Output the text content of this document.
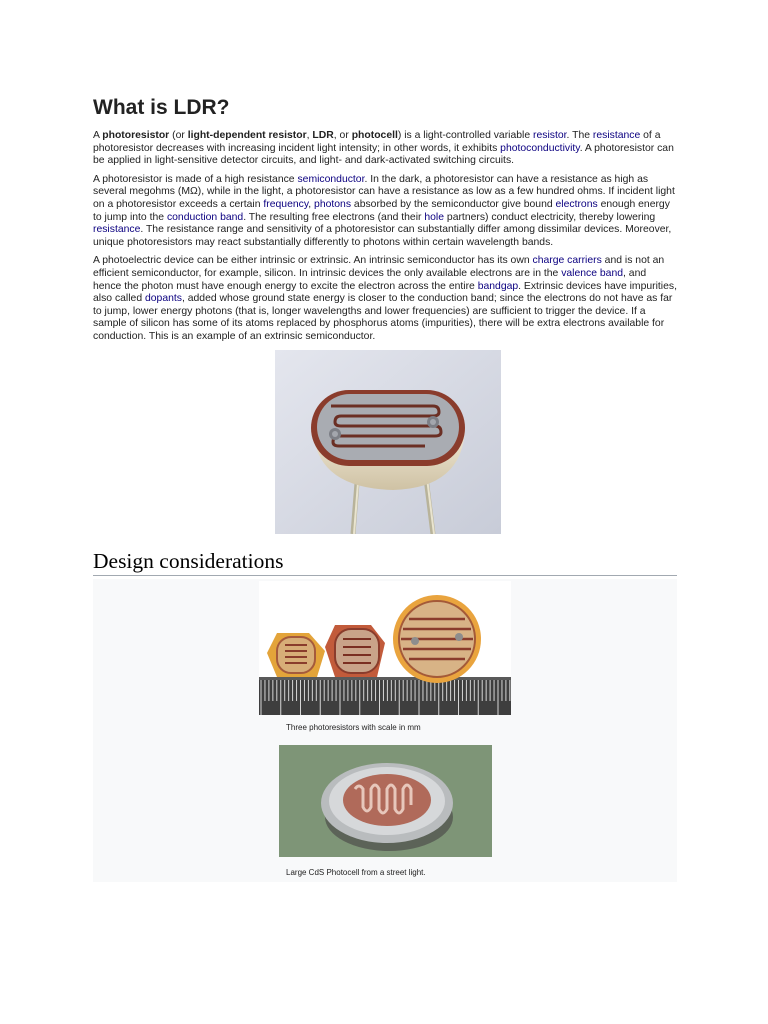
What is LDR?

A photoresistor (or light-dependent resistor, LDR, or photocell) is a light-controlled variable resistor. The resistance of a photoresistor decreases with increasing incident light intensity; in other words, it exhibits photoconductivity. A photoresistor can be applied in light-sensitive detector circuits, and light- and dark-activated switching circuits.

A photoresistor is made of a high resistance semiconductor. In the dark, a photoresistor can have a resistance as high as several megohms (MΩ), while in the light, a photoresistor can have a resistance as low as a few hundred ohms. If incident light on a photoresistor exceeds a certain frequency, photons absorbed by the semiconductor give bound electrons enough energy to jump into the conduction band. The resulting free electrons (and their hole partners) conduct electricity, thereby lowering resistance. The resistance range and sensitivity of a photoresistor can substantially differ among dissimilar devices. Moreover, unique photoresistors may react substantially differently to photons within certain wavelength bands.

A photoelectric device can be either intrinsic or extrinsic. An intrinsic semiconductor has its own charge carriers and is not an efficient semiconductor, for example, silicon. In intrinsic devices the only available electrons are in the valence band, and hence the photon must have enough energy to excite the electron across the entire bandgap. Extrinsic devices have impurities, also called dopants, added whose ground state energy is closer to the conduction band; since the electrons do not have as far to jump, lower energy photons (that is, longer wavelengths and lower frequencies) are sufficient to trigger the device. If a sample of silicon has some of its atoms replaced by phosphorus atoms (impurities), there will be extra electrons available for conduction. This is an example of an extrinsic semiconductor.

Design considerations
Three photoresistors with scale in mm
Large CdS Photocell from a street light.
